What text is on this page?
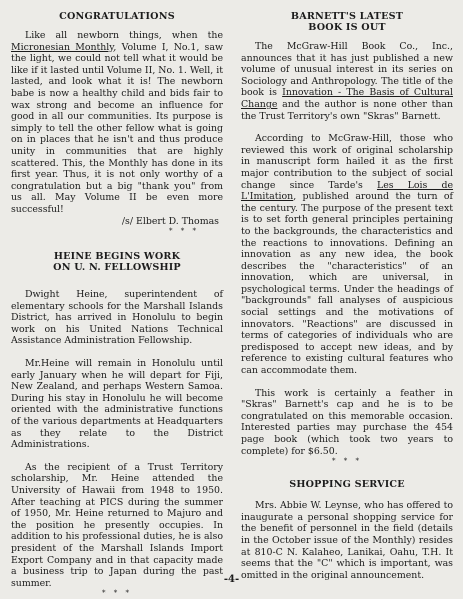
CONGRATULATIONS

Like all newborn things, when the Micronesian Monthly, Volume I, No.1, saw the light, we could not tell what it would be like if it lasted until Volume II, No. 1. Well, it lasted, and look what it is! The newborn babe is now a healthy child and bids fair to wax strong and become an influence for good in all our communities. Its purpose is simply to tell the other fellow what is going on in places that he isn't and thus produce unity in communities that are highly scattered. This, the Monthly has done in its first year. Thus, it is not only worthy of a congratulation but a big "thank you" from us all. May Volume II be even more successful!

/s/ Elbert D. Thomas

* * *
HEINE BEGINS WORK
ON U. N. FELLOWSHIP

Dwight Heine, superintendent of elementary schools for the Marshall Islands District, has arrived in Honolulu to begin work on his United Nations Technical Assistance Administration Fellowship.

Mr.Heine will remain in Honolulu until early January when he will depart for Fiji, New Zealand, and perhaps Western Samoa. During his stay in Honolulu he will become oriented with the administrative functions of the various departments at Headquarters as they relate to the District Administrations.

As the recipient of a Trust Territory scholarship, Mr. Heine attended the University of Hawaii from 1948 to 1950. After teaching at PICS during the summer of 1950, Mr. Heine returned to Majuro and the position he presently occupies. In addition to his professional duties, he is also president of the Marshall Islands Import Export Company and in that capacity made a business trip to Japan during the past summer.

* * *
BARNETT'S LATEST
BOOK IS OUT

The McGraw-Hill Book Co., Inc., announces that it has just published a new volume of unusual interest in its series on Sociology and Anthropology. The title of the book is Innovation - The Basis of Cultural Change and the author is none other than the Trust Territory's own "Skras" Barnett.

According to McGraw-Hill, those who reviewed this work of original scholarship in manuscript form hailed it as the first major contribution to the subject of social change since Tarde's Les Lois de L'Imitation, published around the turn of the century. The purpose of the present text is to set forth general principles pertaining to the backgrounds, the characteristics and the reactions to innovations. Defining an innovation as any new idea, the book describes the "characteristics" of an innovation, which are universal, in psychological terms. Under the headings of "backgrounds" fall analyses of auspicious social settings and the motivations of innovators. "Reactions" are discussed in terms of categories of individuals who are predisposed to accept new ideas, and by reference to existing cultural features who can accommodate them.

This work is certainly a feather in "Skras" Barnett's cap and he is to be congratulated on this memorable occasion. Interested parties may purchase the 454 page book (which took two years to complete) for $6.50.

* * *
SHOPPING SERVICE

Mrs. Abbie W. Leynse, who has offered to inaugurate a personal shopping service for the benefit of personnel in the field (details in the October issue of the Monthly) resides at 810-C N. Kalaheo, Lanikai, Oahu, T.H. It seems that the "C" which is important, was omitted in the original announcement.

-4-
